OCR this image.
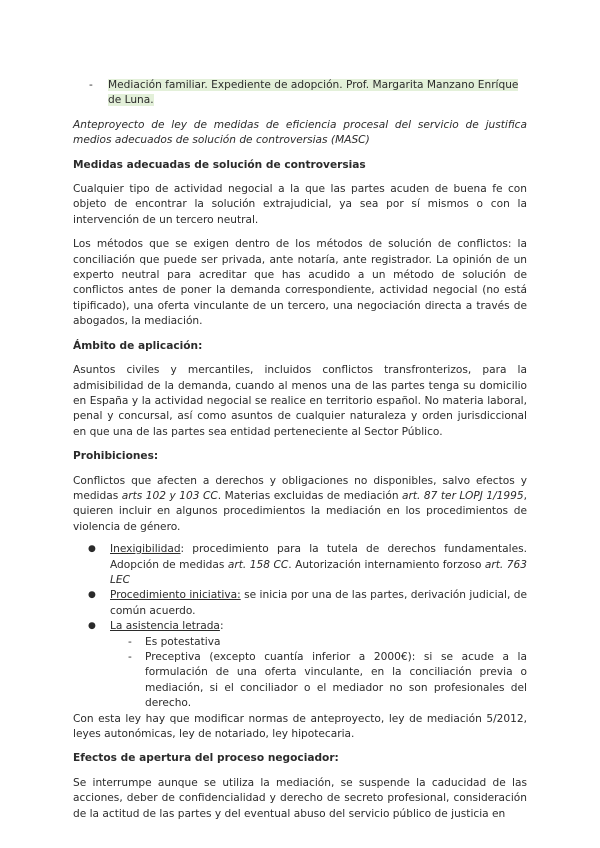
-	Mediación familiar. Expediente de adopción. Prof. Margarita Manzano Enríque
de Luna.

Anteproyecto de ley de medidas de eficiencia procesal del servicio de justifica medios adecuados de solución de controversias (MASC)

Medidas adecuadas de solución de controversias

Cualquier tipo de actividad negocial a la que las partes acuden de buena fe con objeto de encontrar la solución extrajudicial, ya sea por sí mismos o con la intervención de un tercero neutral.

Los métodos que se exigen dentro de los métodos de solución de conflictos: la conciliación que puede ser privada, ante notaría, ante registrador. La opinión de un experto neutral para acreditar que has acudido a un método de solución de conflictos antes de poner la demanda correspondiente, actividad negocial (no está tipificado), una oferta vinculante de un tercero, una negociación directa a través de abogados, la mediación.

Ámbito de aplicación:

Asuntos civiles y mercantiles, incluidos conflictos transfronterizos, para la admisibilidad de la demanda, cuando al menos una de las partes tenga su domicilio en España y la actividad negocial se realice en territorio español. No materia laboral, penal y concursal, así como asuntos de cualquier naturaleza y orden jurisdiccional en que una de las partes sea entidad perteneciente al Sector Público.

Prohibiciones:

Conflictos que afecten a derechos y obligaciones no disponibles, salvo efectos y medidas arts 102 y 103 CC. Materias excluidas de mediación art. 87 ter LOPJ 1/1995, quieren incluir en algunos procedimientos la mediación en los procedimientos de violencia de género.

●	Inexigibilidad: procedimiento para la tutela de derechos fundamentales. Adopción de medidas art. 158 CC. Autorización internamiento forzoso art. 763 LEC
●	Procedimiento iniciativa: se inicia por una de las partes, derivación judicial, de común acuerdo.
●	La asistencia letrada:
-	Es potestativa
-	Preceptiva (excepto cuantía inferior a 2000€): si se acude a la formulación de una oferta vinculante, en la conciliación previa o mediación, si el conciliador o el mediador no son profesionales del derecho.

Con esta ley hay que modificar normas de anteproyecto, ley de mediación 5/2012, leyes autonómicas, ley de notariado, ley hipotecaria.

Efectos de apertura del proceso negociador:

Se interrumpe aunque se utiliza la mediación, se suspende la caducidad de las acciones, deber de confidencialidad y derecho de secreto profesional, consideración de la actitud de las partes y del eventual abuso del servicio público de justicia en
